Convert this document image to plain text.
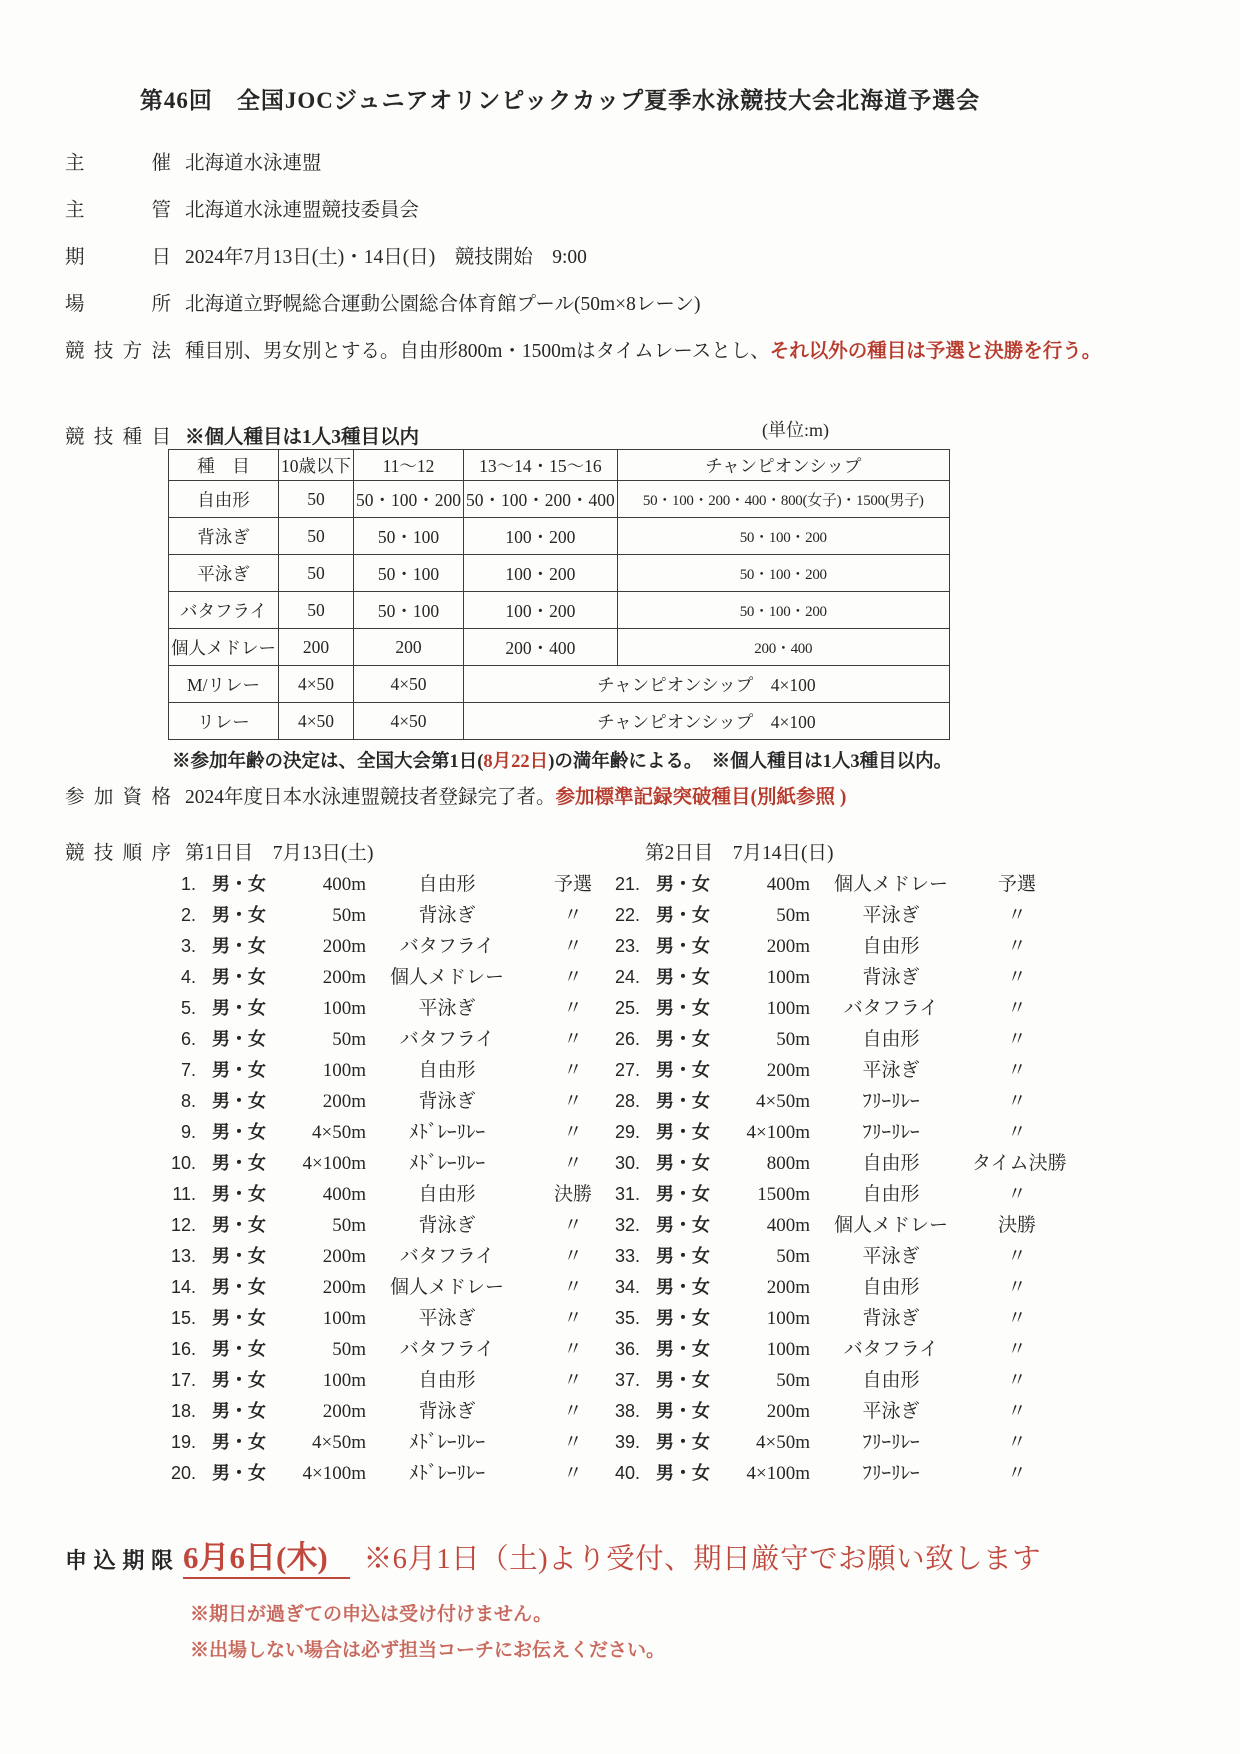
第46回　全国JOCジュニアオリンピックカップ夏季水泳競技大会北海道予選会
主催 北海道水泳連盟
主管 北海道水泳連盟競技委員会
期日 2024年7月13日(土)・14日(日)　競技開始　9:00
場所 北海道立野幌総合運動公園総合体育館プール(50m×8レーン)
競技方法 種目別、男女別とする。自由形800m・1500mはタイムレースとし、それ以外の種目は予選と決勝を行う。
競技種目 ※個人種目は1人3種目以内	(単位:m)
種　目	10歳以下	11〜12	13〜14・15〜16	チャンピオンシップ
自由形	50	50・100・200	50・100・200・400	50・100・200・400・800(女子)・1500(男子)
背泳ぎ	50	50・100	100・200	50・100・200
平泳ぎ	50	50・100	100・200	50・100・200
バタフライ	50	50・100	100・200	50・100・200
個人メドレー	200	200	200・400	200・400
M/リレー	4×50	4×50	チャンピオンシップ　4×100	
リレー	4×50	4×50	チャンピオンシップ　4×100	
※参加年齢の決定は、全国大会第1日(8月22日)の満年齢による。　※個人種目は1人3種目以内。
参加資格 2024年度日本水泳連盟競技者登録完了者。参加標準記録突破種目(別紙参照 )
競技順序 第1日目　7月13日(土)	第2日目　7月14日(日)
1. 男・女	400m	自由形	予選
2. 男・女	50m	背泳ぎ	〃
3. 男・女	200m	バタフライ	〃
4. 男・女	200m	個人メドレー	〃
5. 男・女	100m	平泳ぎ	〃
6. 男・女	50m	バタフライ	〃
7. 男・女	100m	自由形	〃
8. 男・女	200m	背泳ぎ	〃
9. 男・女	4×50m	ﾒﾄﾞﾚｰﾘﾚｰ	〃
10. 男・女	4×100m	ﾒﾄﾞﾚｰﾘﾚｰ	〃
11. 男・女	400m	自由形	決勝
12. 男・女	50m	背泳ぎ	〃
13. 男・女	200m	バタフライ	〃
14. 男・女	200m	個人メドレー	〃
15. 男・女	100m	平泳ぎ	〃
16. 男・女	50m	バタフライ	〃
17. 男・女	100m	自由形	〃
18. 男・女	200m	背泳ぎ	〃
19. 男・女	4×50m	ﾒﾄﾞﾚｰﾘﾚｰ	〃
20. 男・女	4×100m	ﾒﾄﾞﾚｰﾘﾚｰ	〃
21. 男・女	400m	個人メドレー	予選
22. 男・女	50m	平泳ぎ	〃
23. 男・女	200m	自由形	〃
24. 男・女	100m	背泳ぎ	〃
25. 男・女	100m	バタフライ	〃
26. 男・女	50m	自由形	〃
27. 男・女	200m	平泳ぎ	〃
28. 男・女	4×50m	ﾌﾘｰﾘﾚｰ	〃
29. 男・女	4×100m	ﾌﾘｰﾘﾚｰ	〃
30. 男・女	800m	自由形	タイム決勝
31. 男・女	1500m	自由形	〃
32. 男・女	400m	個人メドレー	決勝
33. 男・女	50m	平泳ぎ	〃
34. 男・女	200m	自由形	〃
35. 男・女	100m	背泳ぎ	〃
36. 男・女	100m	バタフライ	〃
37. 男・女	50m	自由形	〃
38. 男・女	200m	平泳ぎ	〃
39. 男・女	4×50m	ﾌﾘｰﾘﾚｰ	〃
40. 男・女	4×100m	ﾌﾘｰﾘﾚｰ	〃
申込期限 6月6日(木)	※6月1日（土)より受付、期日厳守でお願い致します
※期日が過ぎての申込は受け付けません。
※出場しない場合は必ず担当コーチにお伝えください。
